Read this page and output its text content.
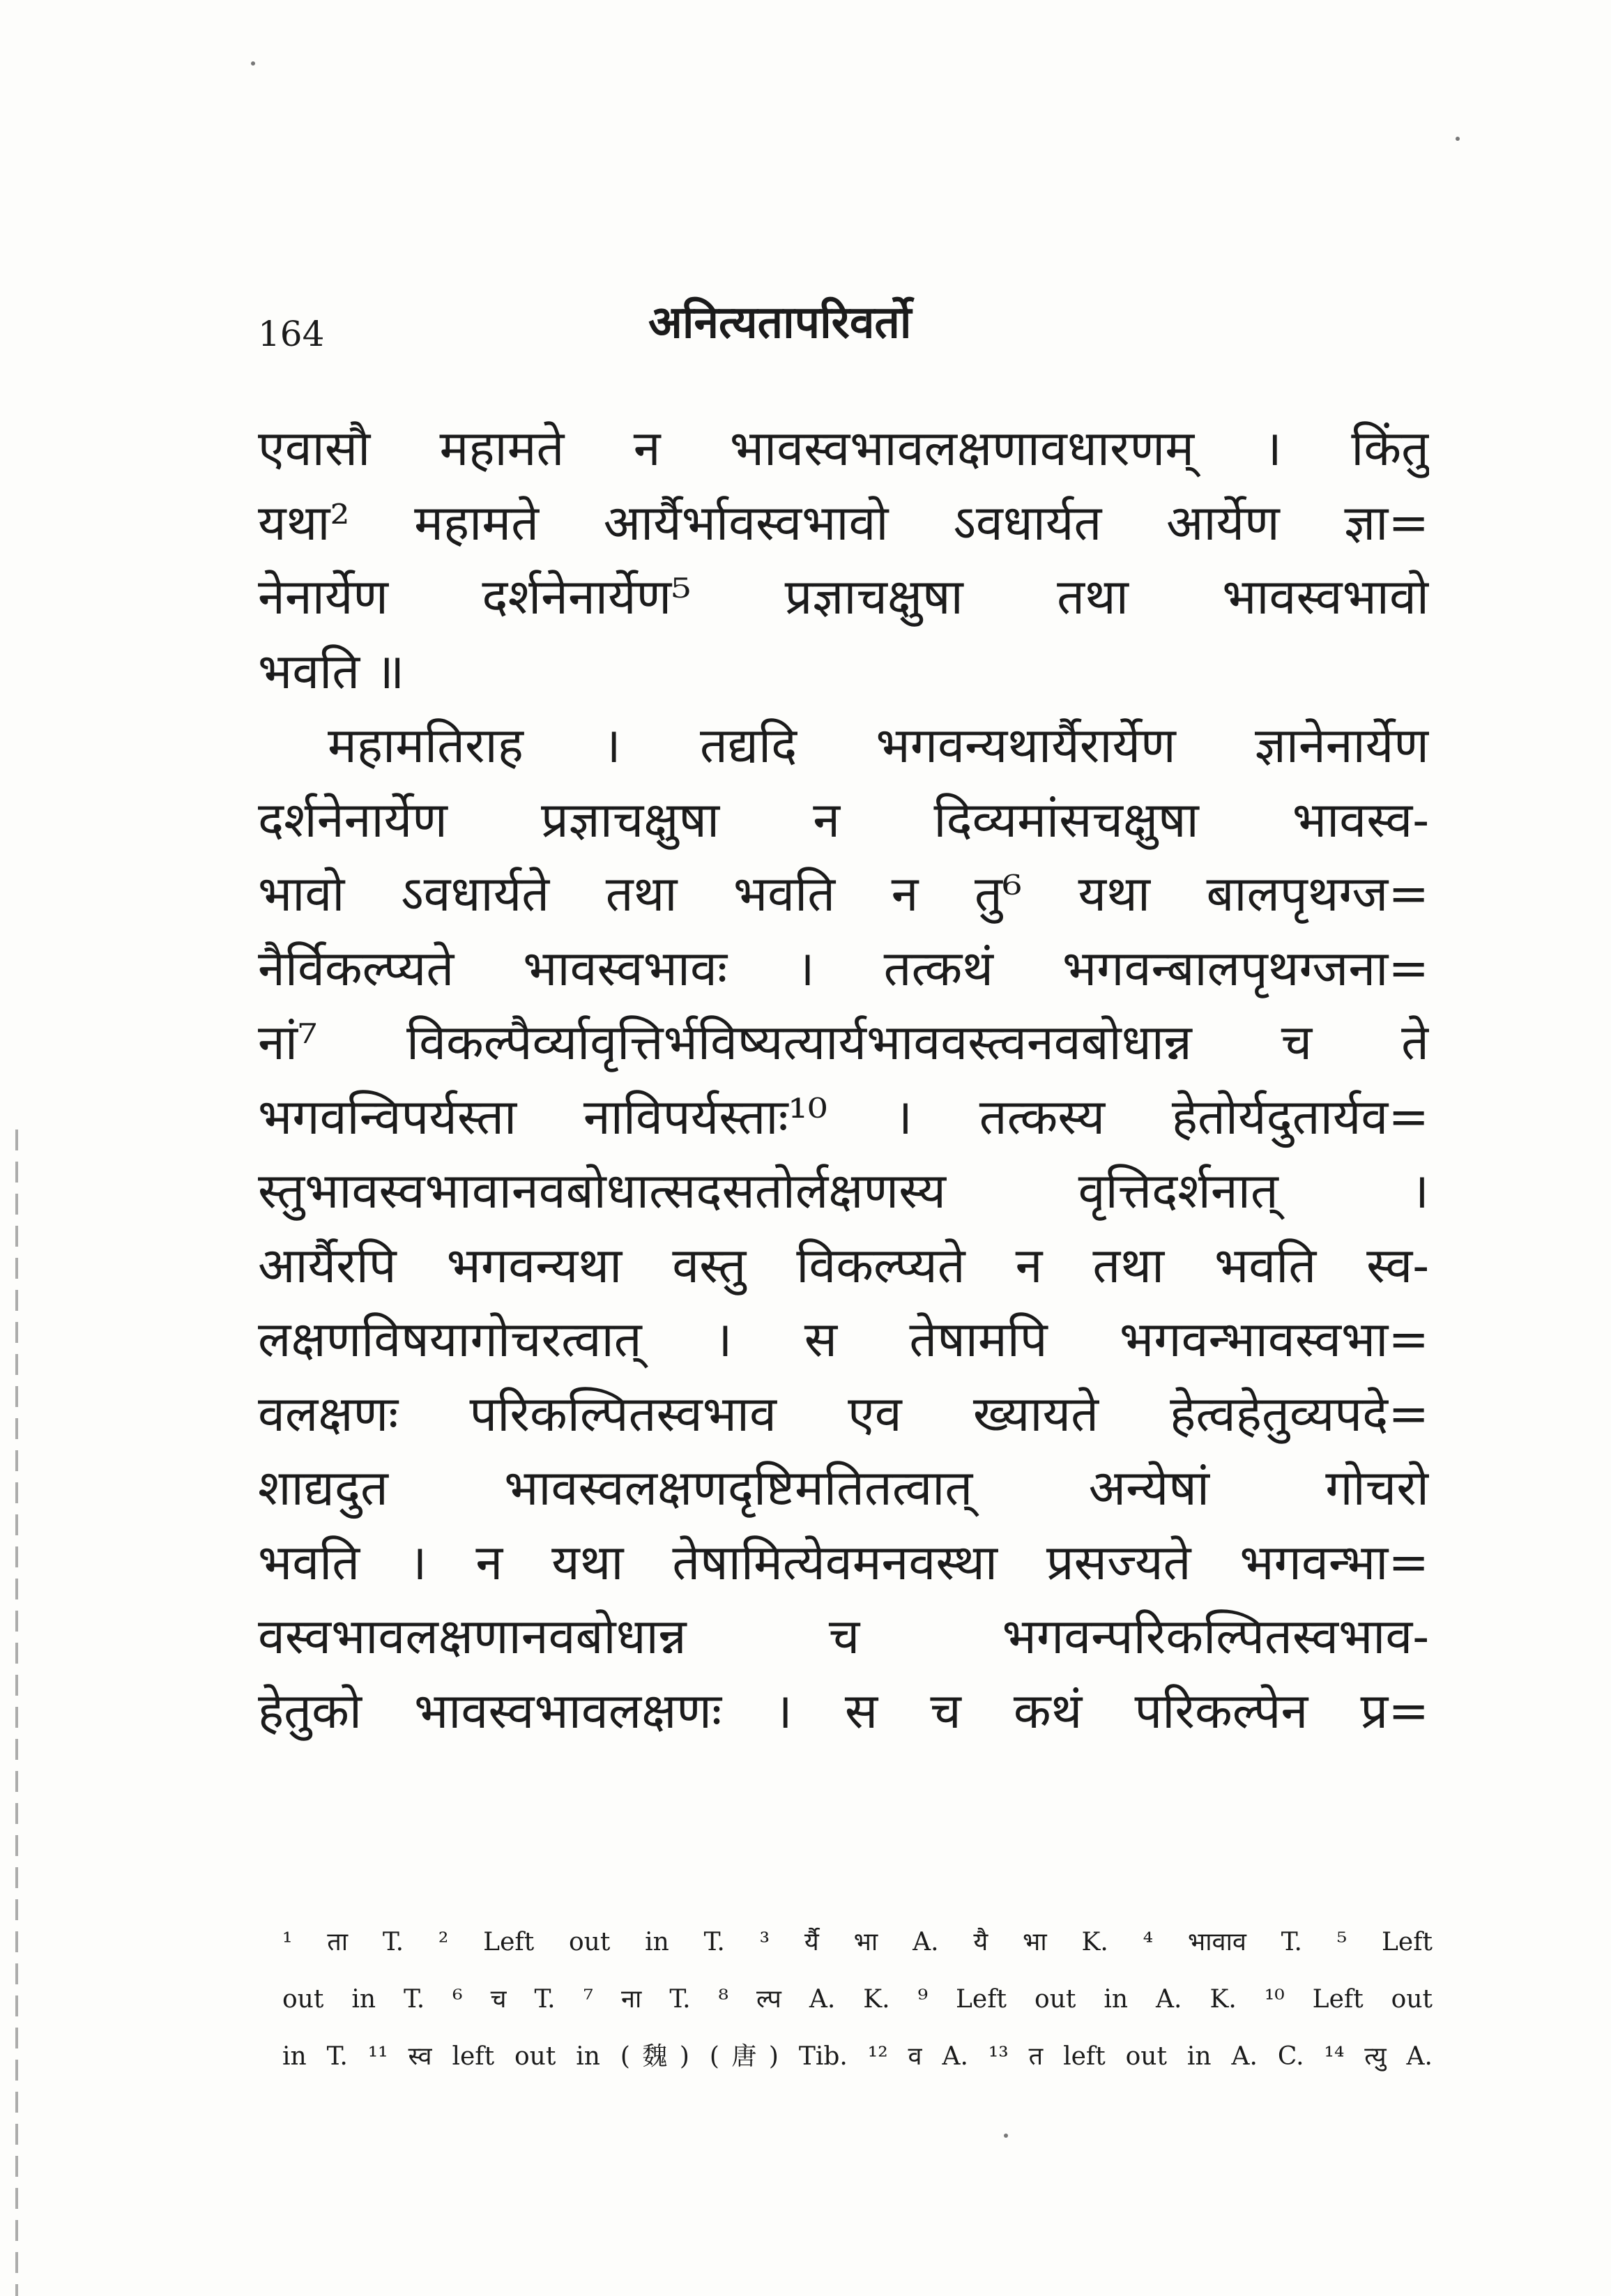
164	अनित्यतापरिवर्तो
एवासौ महामते न भावस्वभावलक्षणावधारणम् । किंतु
यथा² महामते आर्यैर्भावस्वभावो ऽवधार्यत आर्येण ज्ञा=
नेनार्येण दर्शनेनार्येण⁵ प्रज्ञाचक्षुषा तथा भावस्वभावो
भवति ॥
महामतिराह । तद्यदि भगवन्यथार्यैरार्येण ज्ञानेनार्येण
दर्शनेनार्येण प्रज्ञाचक्षुषा न दिव्यमांसचक्षुषा भावस्व-
भावो ऽवधार्यते तथा भवति न तु⁶ यथा बालपृथग्ज=
नैर्विकल्प्यते भावस्वभावः । तत्कथं भगवन्बालपृथग्जना=
नां⁷ विकल्पैर्व्यावृत्तिर्भविष्यत्यार्यभाववस्त्वनवबोधान्न च ते
भगवन्विपर्यस्ता नाविपर्यस्ताः¹⁰ । तत्कस्य हेतोर्यदुतार्यव=
स्तुभावस्वभावानवबोधात्सदसतोर्लक्षणस्य वृत्तिदर्शनात् ।
आर्यैरपि भगवन्यथा वस्तु विकल्प्यते न तथा भवति स्व-
लक्षणविषयागोचरत्वात् । स तेषामपि भगवन्भावस्वभा=
वलक्षणः परिकल्पितस्वभाव एव ख्यायते हेत्वहेतुव्यपदे=
शाद्यदुत भावस्वलक्षणदृष्टिमतितत्वात् अन्येषां गोचरो
भवति । न यथा तेषामित्येवमनवस्था प्रसज्यते भगवन्भा=
वस्वभावलक्षणानवबोधान्न च भगवन्परिकल्पितस्वभाव-
हेतुको भावस्वभावलक्षणः । स च कथं परिकल्पेन प्र=
¹ ता T. ² Left out in T. ³ र्यै भा A. यै भा K. ⁴ भावाव T. ⁵ Left
out in T. ⁶ च T. ⁷ ना T. ⁸ ल्प A. K. ⁹ Left out in A. K. ¹⁰ Left out
in T. ¹¹ स्व left out in (魏) (唐) Tib. ¹² व A. ¹³ त left out in A. C. ¹⁴ त्यु A.
